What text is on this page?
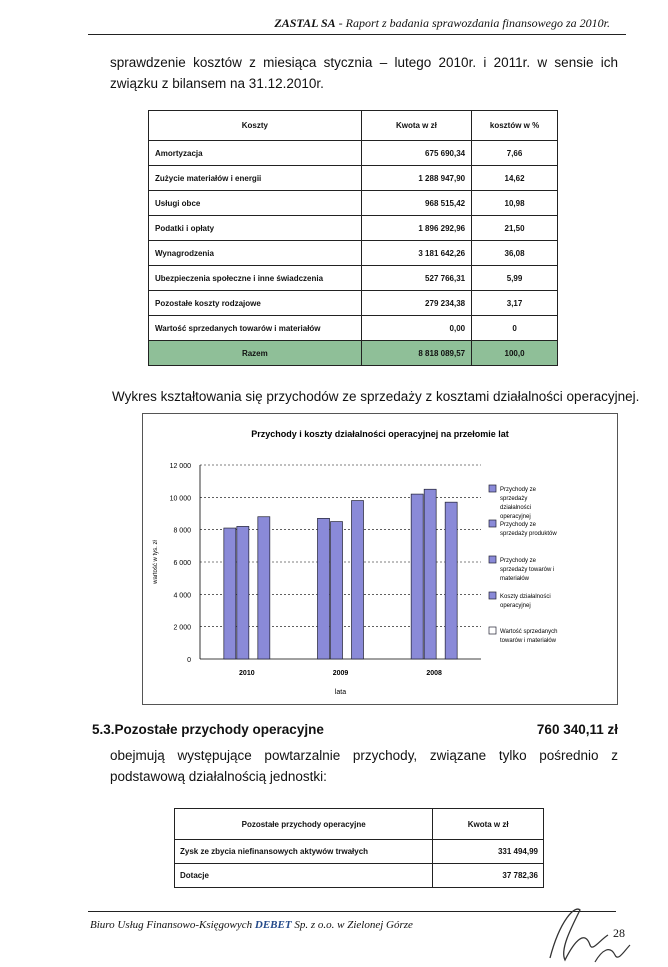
ZASTAL SA - Raport z badania sprawozdania finansowego za 2010r.
sprawdzenie kosztów z miesiąca stycznia – lutego 2010r. i 2011r. w sensie ich związku z bilansem na 31.12.2010r.
Koszty	Kwota w zł	kosztów w %
Amortyzacja	675 690,34	7,66
Zużycie materiałów i energii	1 288 947,90	14,62
Usługi obce	968 515,42	10,98
Podatki i opłaty	1 896 292,96	21,50
Wynagrodzenia	3 181 642,26	36,08
Ubezpieczenia społeczne i inne świadczenia	527 766,31	5,99
Pozostałe koszty rodzajowe	279 234,38	3,17
Wartość sprzedanych towarów i materiałów	0,00	0
Razem	8 818 089,57	100,0
Wykres kształtowania się przychodów ze sprzedaży z kosztami działalności operacyjnej.
Przychody i koszty działalności operacyjnej na przełomie lat
0
2 000
4 000
6 000
8 000
10 000
12 000
wartość w tys. zł
lata
2010	2009	2008
Przychody ze
sprzedaży
działalności
operacyjnej
Przychody ze
sprzedaży produktów
Przychody ze
sprzedaży towarów i
materiałów
Koszty działalności
operacyjnej
Wartość sprzedanych
towarów i materiałów
5.3.Pozostałe przychody operacyjne	760 340,11 zł
obejmują występujące powtarzalnie przychody, związane tylko pośrednio z podstawową działalnością jednostki:
Pozostałe przychody operacyjne	Kwota w zł
Zysk ze zbycia niefinansowych aktywów trwałych	331 494,99
Dotacje	37 782,36
Biuro Usług Finansowo-Księgowych DEBET Sp. z o.o. w Zielonej Górze
28
